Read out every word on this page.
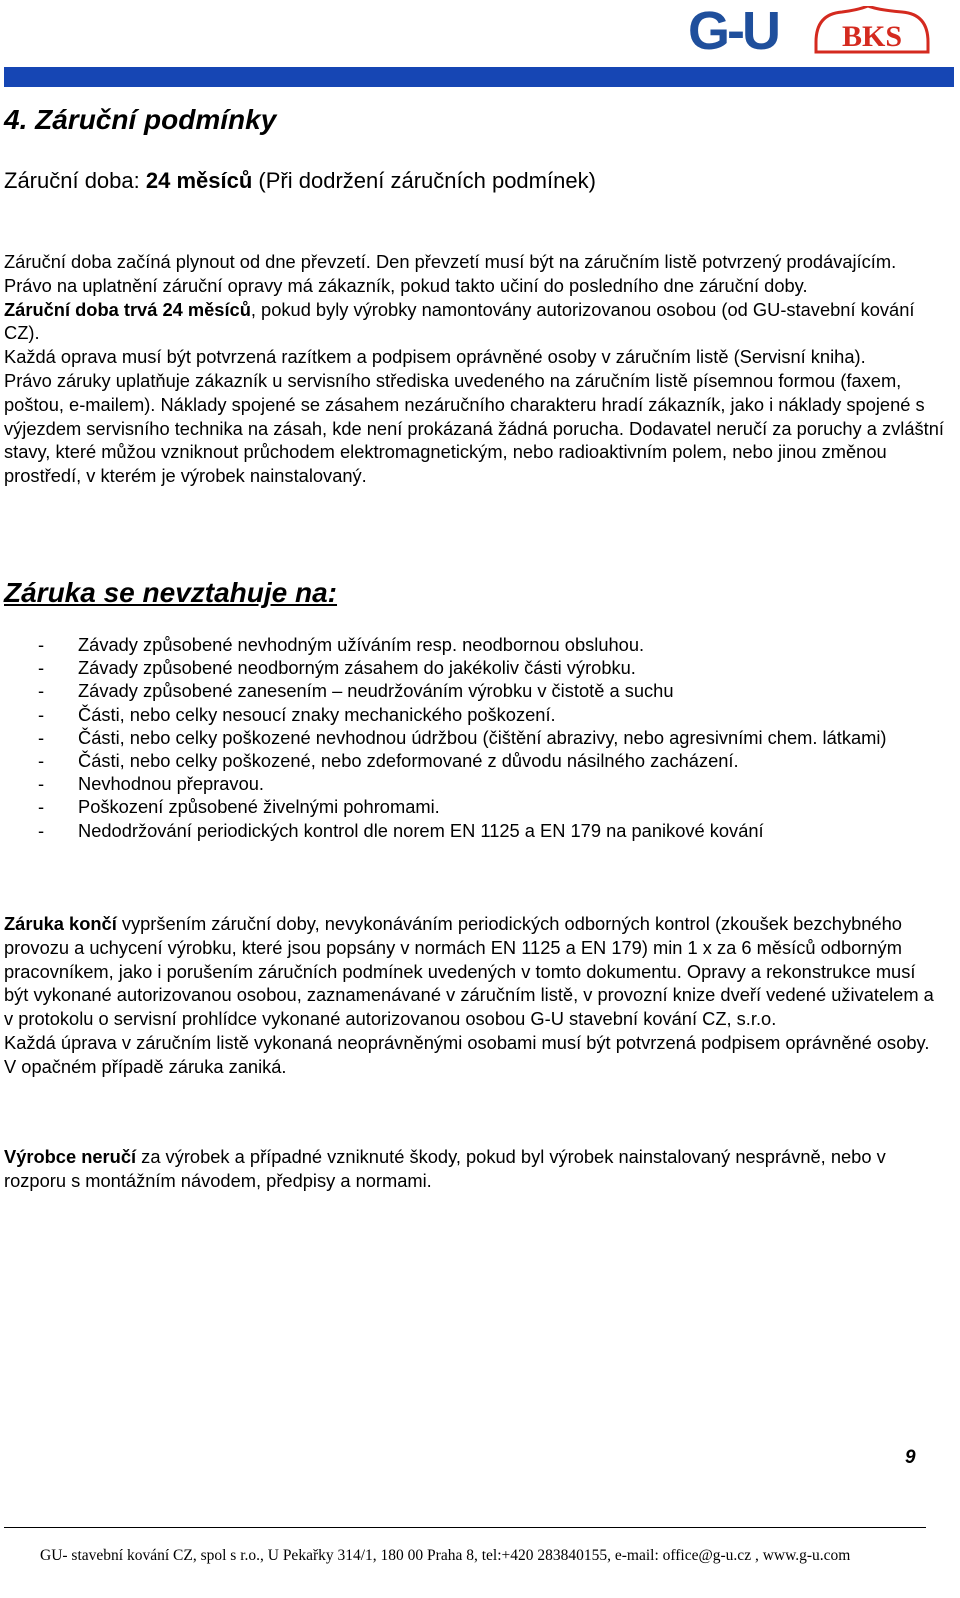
G-U	BKS
4. Záruční podmínky
Záruční doba: 24 měsíců (Při dodržení záručních podmínek)

Záruční doba začíná plynout od dne převzetí. Den převzetí musí být na záručním listě potvrzený prodávajícím. Právo na uplatnění záruční opravy má zákazník, pokud takto učiní do posledního dne záruční doby.

Záruční doba trvá 24 měsíců, pokud byly výrobky namontovány autorizovanou osobou (od GU-stavební kování CZ).

Každá oprava musí být potvrzená razítkem a podpisem oprávněné osoby v záručním listě (Servisní kniha).

Právo záruky uplatňuje zákazník u servisního střediska uvedeného na záručním listě písemnou formou (faxem, poštou, e-mailem). Náklady spojené se zásahem nezáručního charakteru hradí zákazník, jako i náklady spojené s výjezdem servisního technika na zásah, kde není prokázaná žádná porucha. Dodavatel neručí za poruchy a zvláštní stavy, které můžou vzniknout průchodem elektromagnetickým, nebo radioaktivním polem, nebo jinou změnou prostředí, v kterém je výrobek nainstalovaný.

Záruka se nevztahuje na:
- Závady způsobené nevhodným užíváním resp. neodbornou obsluhou.
- Závady způsobené neodborným zásahem do jakékoliv části výrobku.
- Závady způsobené zanesením – neudržováním výrobku v čistotě a suchu
- Části, nebo celky nesoucí znaky mechanického poškození.
- Části, nebo celky poškozené nevhodnou údržbou (čištění abrazivy, nebo agresivními chem. látkami)
- Části, nebo celky poškozené, nebo zdeformované z důvodu násilného zacházení.
- Nevhodnou přepravou.
- Poškození způsobené živelnými pohromami.
- Nedodržování periodických kontrol dle norem EN 1125 a EN 179 na panikové kování

Záruka končí vypršením záruční doby, nevykonáváním periodických odborných kontrol (zkoušek bezchybného provozu a uchycení výrobku, které jsou popsány v normách EN 1125 a EN 179) min 1 x za 6 měsíců odborným pracovníkem, jako i porušením záručních podmínek uvedených v tomto dokumentu. Opravy a rekonstrukce musí být vykonané autorizovanou osobou, zaznamenávané v záručním listě, v provozní knize dveří vedené uživatelem a v protokolu o servisní prohlídce vykonané autorizovanou osobou G-U stavební kování CZ, s.r.o.

Každá úprava v záručním listě vykonaná neoprávněnými osobami musí být potvrzená podpisem oprávněné osoby. V opačném případě záruka zaniká.

Výrobce neručí za výrobek a případné vzniknuté škody, pokud byl výrobek nainstalovaný nesprávně, nebo v rozporu s montážním návodem, předpisy a normami.

9
GU- stavební kování CZ, spol s r.o., U Pekařky 314/1, 180 00 Praha 8, tel:+420 283840155, e-mail: office@g-u.cz , www.g-u.com
